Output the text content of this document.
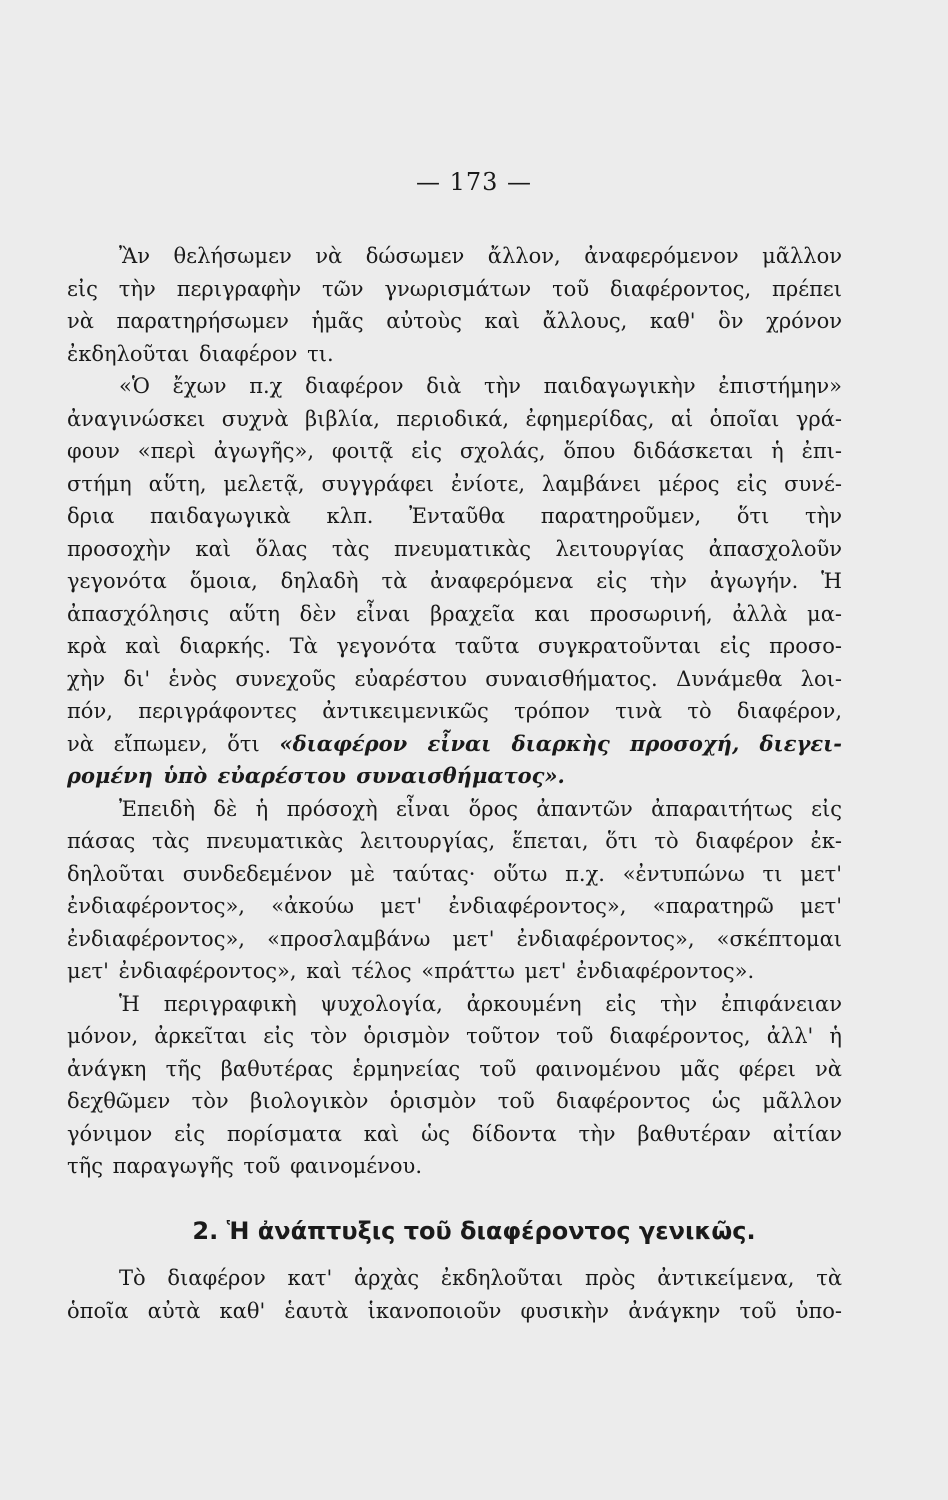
— 173 —
Ἂν θελήσωμεν νὰ δώσωμεν ἄλλον, ἀναφερόμενον μᾶλλον
εἰς τὴν περιγραφὴν τῶν γνωρισμάτων τοῦ διαφέροντος, πρέπει
νὰ παρατηρήσωμεν ἡμᾶς αὐτοὺς καὶ ἄλλους, καθ' ὃν χρόνον
ἐκδηλοῦται διαφέρον τι.
«Ὁ ἔχων π.χ διαφέρον διὰ τὴν παιδαγωγικὴν ἐπιστήμην»
ἀναγινώσκει συχνὰ βιβλία, περιοδικά, ἐφημερίδας, αἱ ὁποῖαι γρά-
φουν «περὶ ἀγωγῆς», φοιτᾷ εἰς σχολάς, ὅπου διδάσκεται ἡ ἐπι-
στήμη αὕτη, μελετᾷ, συγγράφει ἐνίοτε, λαμβάνει μέρος εἰς συνέ-
δρια παιδαγωγικὰ κλπ. Ἐνταῦθα παρατηροῦμεν, ὅτι τὴν
προσοχὴν καὶ ὅλας τὰς πνευματικὰς λειτουργίας ἀπασχολοῦν
γεγονότα ὅμοια, δηλαδὴ τὰ ἀναφερόμενα εἰς τὴν ἀγωγήν. Ἡ
ἀπασχόλησις αὕτη δὲν εἶναι βραχεῖα και προσωρινή, ἀλλὰ μα-
κρὰ καὶ διαρκής. Τὰ γεγονότα ταῦτα συγκρατοῦνται εἰς προσο-
χὴν δι' ἑνὸς συνεχοῦς εὐαρέστου συναισθήματος. Δυνάμεθα λοι-
πόν, περιγράφοντες ἀντικειμενικῶς τρόπον τινὰ τὸ διαφέρον,
νὰ εἴπωμεν, ὅτι «διαφέρον εἶναι διαρκὴς προσοχή, διεγει-
ρομένη ὑπὸ εὐαρέστου συναισθήματος».
Ἐπειδὴ δὲ ἡ πρόσοχὴ εἶναι ὅρος ἀπαντῶν ἀπαραιτήτως εἰς
πάσας τὰς πνευματικὰς λειτουργίας, ἕπεται, ὅτι τὸ διαφέρον ἐκ-
δηλοῦται συνδεδεμένον μὲ ταύτας· οὕτω π.χ. «ἐντυπώνω τι μετ'
ἐνδιαφέροντος», «ἀκούω μετ' ἐνδιαφέροντος», «παρατηρῶ μετ'
ἐνδιαφέροντος», «προσλαμβάνω μετ' ἐνδιαφέροντος», «σκέπτομαι
μετ' ἐνδιαφέροντος», καὶ τέλος «πράττω μετ' ἐνδιαφέροντος».
Ἡ περιγραφικὴ ψυχολογία, ἀρκουμένη εἰς τὴν ἐπιφάνειαν
μόνον, ἀρκεῖται εἰς τὸν ὁρισμὸν τοῦτον τοῦ διαφέροντος, ἀλλ' ἡ
ἀνάγκη τῆς βαθυτέρας ἑρμηνείας τοῦ φαινομένου μᾶς φέρει νὰ
δεχθῶμεν τὸν βιολογικὸν ὁρισμὸν τοῦ διαφέροντος ὡς μᾶλλον
γόνιμον εἰς πορίσματα καὶ ὡς δίδοντα τὴν βαθυτέραν αἰτίαν
τῆς παραγωγῆς τοῦ φαινομένου.
2. Ἡ ἀνάπτυξις τοῦ διαφέροντος γενικῶς.
Τὸ διαφέρον κατ' ἀρχὰς ἐκδηλοῦται πρὸς ἀντικείμενα, τὰ
ὁποῖα αὐτὰ καθ' ἑαυτὰ ἱκανοποιοῦν φυσικὴν ἀνάγκην τοῦ ὑπο-
